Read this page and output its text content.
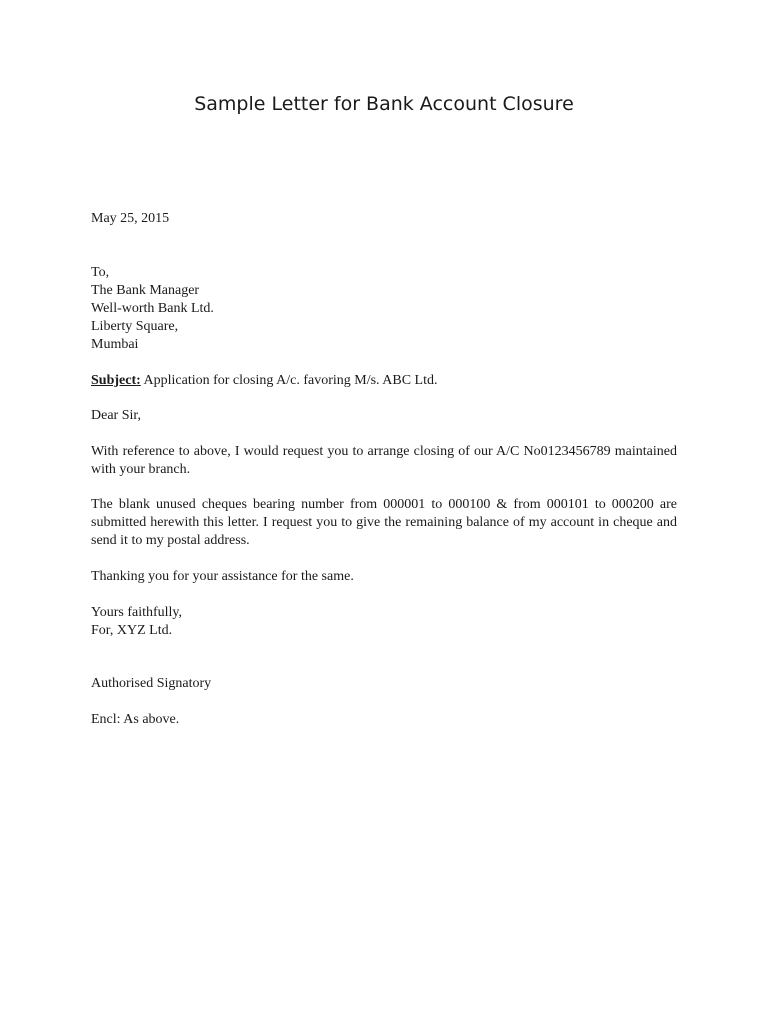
Sample Letter for Bank Account Closure
May 25, 2015
To,
The Bank Manager
Well-worth Bank Ltd.
Liberty Square,
Mumbai
Subject: Application for closing A/c. favoring M/s. ABC Ltd.
Dear Sir,
With reference to above, I would request you to arrange closing of our A/C No0123456789 maintained with your branch.
The blank unused cheques bearing number from 000001 to 000100 & from 000101 to 000200 are submitted herewith this letter. I request you to give the remaining balance of my account in cheque and send it to my postal address.
Thanking you for your assistance for the same.
Yours faithfully,
For, XYZ Ltd.
Authorised Signatory
Encl: As above.
